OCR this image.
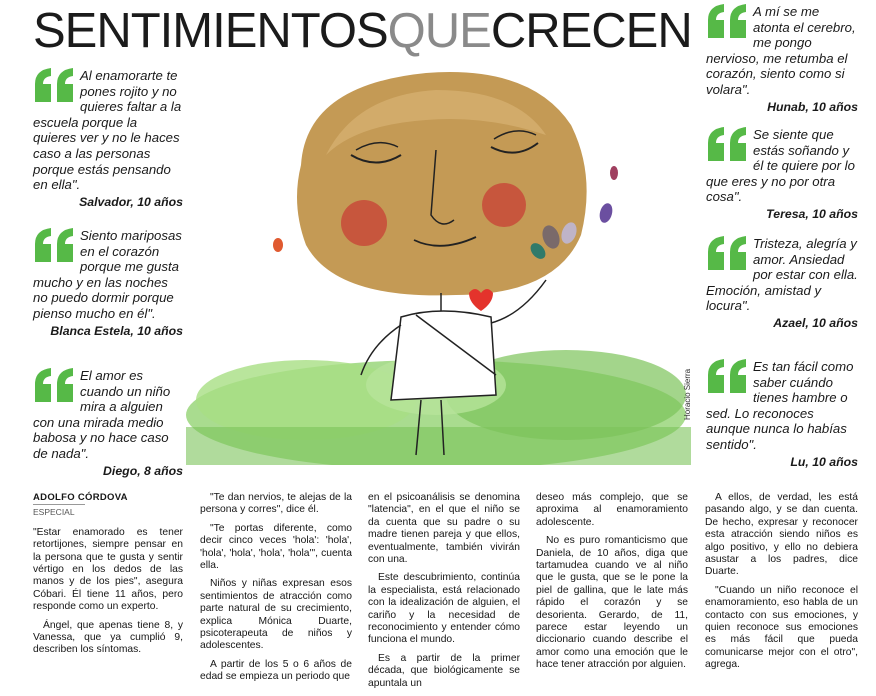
SENTIMIENTOSQUECRECEN
Al enamorarte te pones rojito y no quieres faltar a la escuela porque la quieres ver y no le haces caso a las personas porque estás pensando en ella".
Salvador, 10 años
Siento mariposas en el corazón porque me gusta mucho y en las noches no puedo dormir porque pienso mucho en él".
Blanca Estela, 10 años
El amor es cuando un niño mira a alguien con una mirada medio babosa y no hace caso de nada".
Diego, 8 años
A mí se me atonta el cerebro, me pongo nervioso, me retumba el corazón, siento como si volara".
Hunab, 10 años
Se siente que estás soñando y él te quiere por lo que eres y no por otra cosa".
Teresa, 10 años
Tristeza, alegría y amor. Ansiedad por estar con ella. Emoción, amistad y locura".
Azael, 10 años
Es tan fácil como saber cuándo tienes hambre o sed. Lo reconoces aunque nunca lo habías sentido".
Lu, 10 años
Horacio Sierra
ADOLFO CÓRDOVA
ESPECIAL

"Estar enamorado es tener retortijones, siempre pensar en la persona que te gusta y sentir vértigo en los dedos de las manos y de los pies", asegura Cóbari. Él tiene 11 años, pero responde como un experto.

Ángel, que apenas tiene 8, y Vanessa, que ya cumplió 9, describen los síntomas.

"Te dan nervios, te alejas de la persona y corres", dice él.

"Te portas diferente, como decir cinco veces 'hola': 'hola', 'hola', 'hola', 'hola', 'hola'", cuenta ella.

Niños y niñas expresan esos sentimientos de atracción como parte natural de su crecimiento, explica Mónica Duarte, psicoterapeuta de niños y adolescentes.

A partir de los 5 o 6 años de edad se empieza un periodo que

en el psicoanálisis se denomina "latencia", en el que el niño se da cuenta que su padre o su madre tienen pareja y que ellos, eventualmente, también vivirán con una.

Este descubrimiento, continúa la especialista, está relacionado con la idealización de alguien, el cariño y la necesidad de reconocimiento y entender cómo funciona el mundo.

Es a partir de la primer década, que biológicamente se apuntala un

deseo más complejo, que se aproxima al enamoramiento adolescente.

No es puro romanticismo que Daniela, de 10 años, diga que tartamudea cuando ve al niño que le gusta, que se le pone la piel de gallina, que le late más rápido el corazón y se desorienta. Gerardo, de 11, parece estar leyendo un diccionario cuando describe el amor como una emoción que le hace tener atracción por alguien.

A ellos, de verdad, les está pasando algo, y se dan cuenta. De hecho, expresar y reconocer esta atracción siendo niños es algo positivo, y ello no debiera asustar a los padres, dice Duarte.

"Cuando un niño reconoce el enamoramiento, eso habla de un contacto con sus emociones, y quien reconoce sus emociones es más fácil que pueda comunicarse mejor con el otro", agrega.
